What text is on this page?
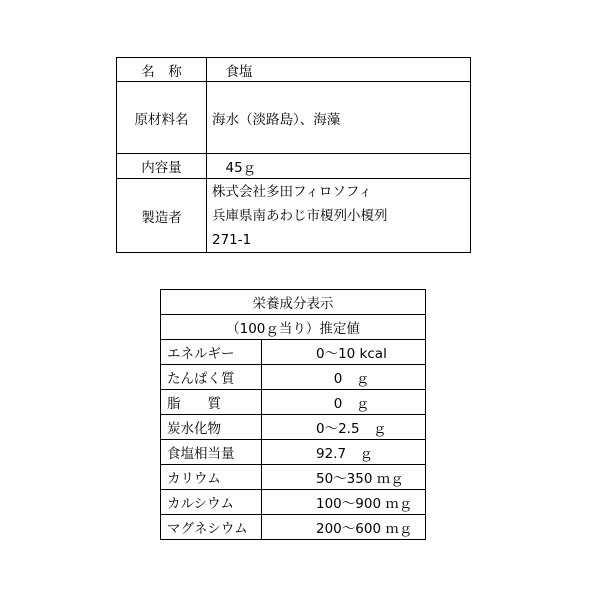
名　称	　食塩
原材料名	海水（淡路島）、海藻
内容量	　45ｇ
製造者	株式会社多田フィロソフィ
兵庫県南あわじ市榎列小榎列
271-1
栄養成分表示	
（100ｇ当り）推定値	
エネルギー	0～10 kcal
たんぱく質	　 0　ｇ
脂　　質	　 0　ｇ
炭水化物	0～2.5　ｇ
食塩相当量	92.7　ｇ
カリウム	50～350 ｍｇ
カルシウム	100～900 ｍｇ
マグネシウム	200～600 ｍｇ
